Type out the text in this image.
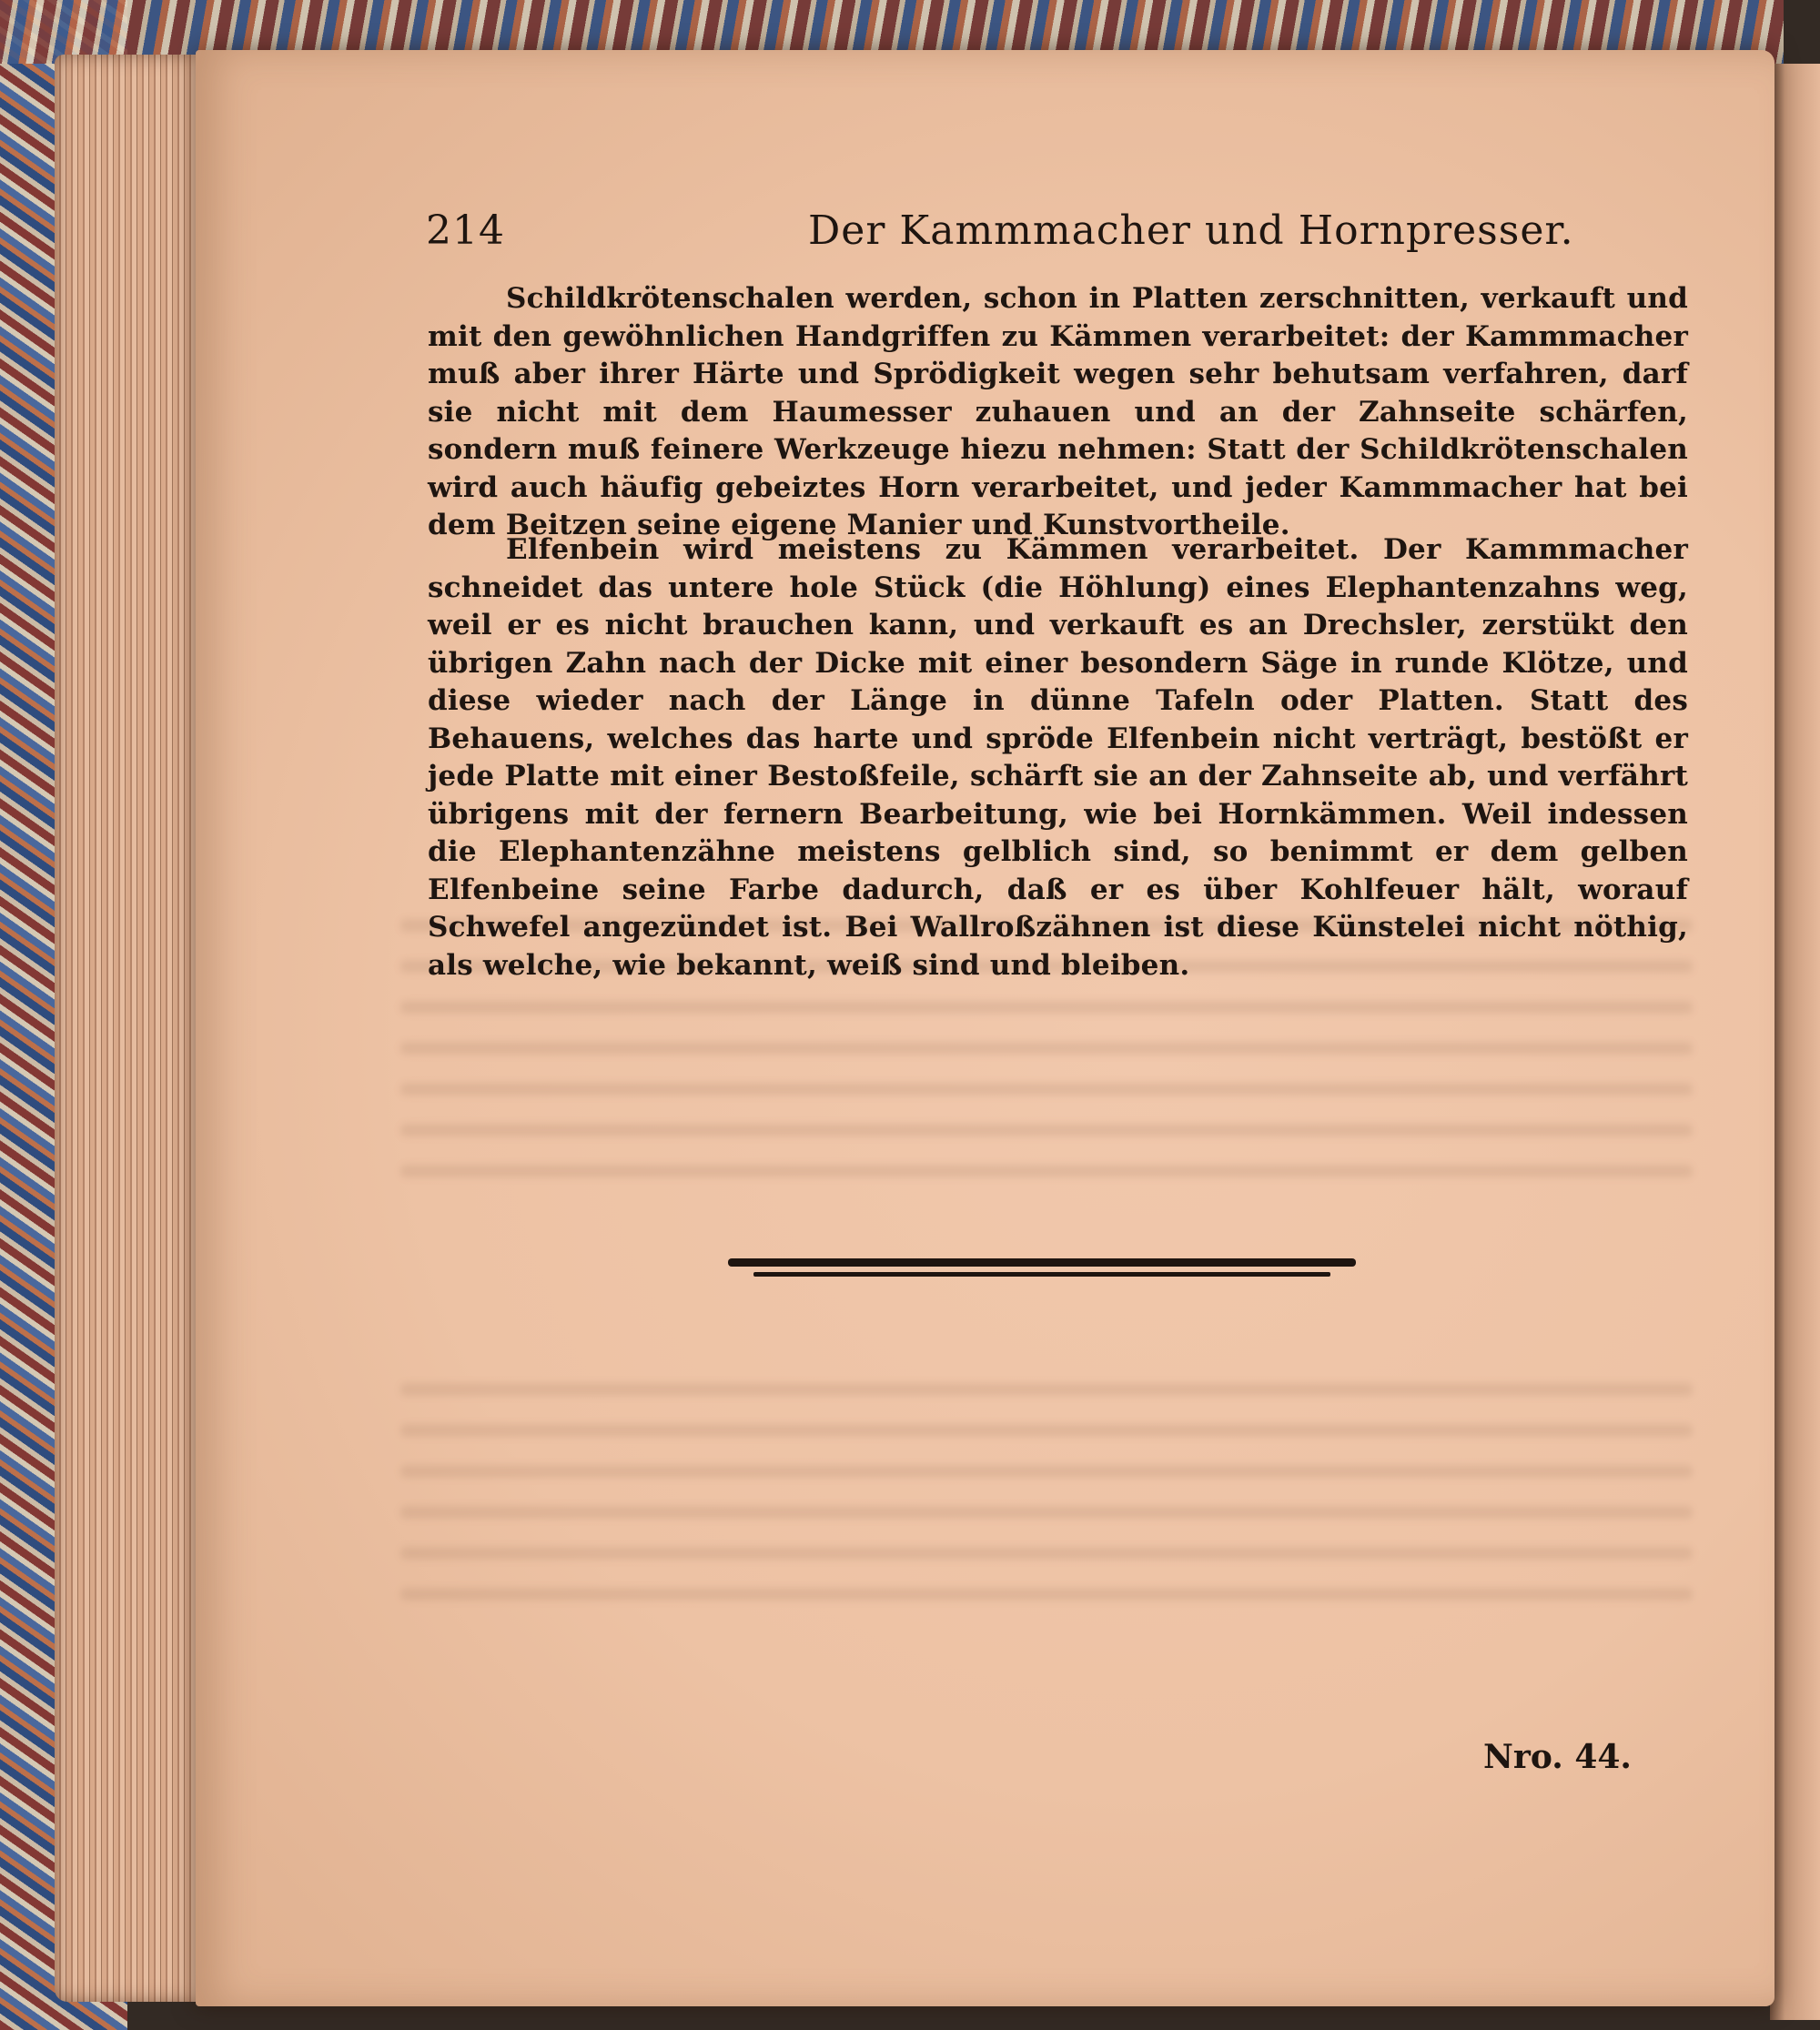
214	Der Kammmacher und Hornpresser.

Schildkrötenschalen werden, schon in Platten zerschnitten, verkauft und mit den gewöhnlichen Handgriffen zu Kämmen verarbeitet: der Kammmacher muß aber ihrer Härte und Sprödigkeit wegen sehr behutsam verfahren, darf sie nicht mit dem Haumesser zuhauen und an der Zahnseite schärfen, sondern muß feinere Werkzeuge hiezu nehmen: Statt der Schildkrötenschalen wird auch häufig gebeiztes Horn verarbeitet, und jeder Kammmacher hat bei dem Beitzen seine eigene Manier und Kunstvortheile.

Elfenbein wird meistens zu Kämmen verarbeitet. Der Kammmacher schneidet das untere hole Stück (die Höhlung) eines Elephantenzahns weg, weil er es nicht brauchen kann, und verkauft es an Drechsler, zerstükt den übrigen Zahn nach der Dicke mit einer besondern Säge in runde Klötze, und diese wieder nach der Länge in dünne Tafeln oder Platten. Statt des Behauens, welches das harte und spröde Elfenbein nicht verträgt, bestößt er jede Platte mit einer Bestoßfeile, schärft sie an der Zahnseite ab, und verfährt übrigens mit der fernern Bearbeitung, wie bei Hornkämmen. Weil indessen die Elephantenzähne meistens gelblich sind, so benimmt er dem gelben Elfenbeine seine Farbe dadurch, daß er es über Kohlfeuer hält, worauf Schwefel angezündet ist. Bei Wallroßzähnen ist diese Künstelei nicht nöthig, als welche, wie bekannt, weiß sind und bleiben.

Nro. 44.
